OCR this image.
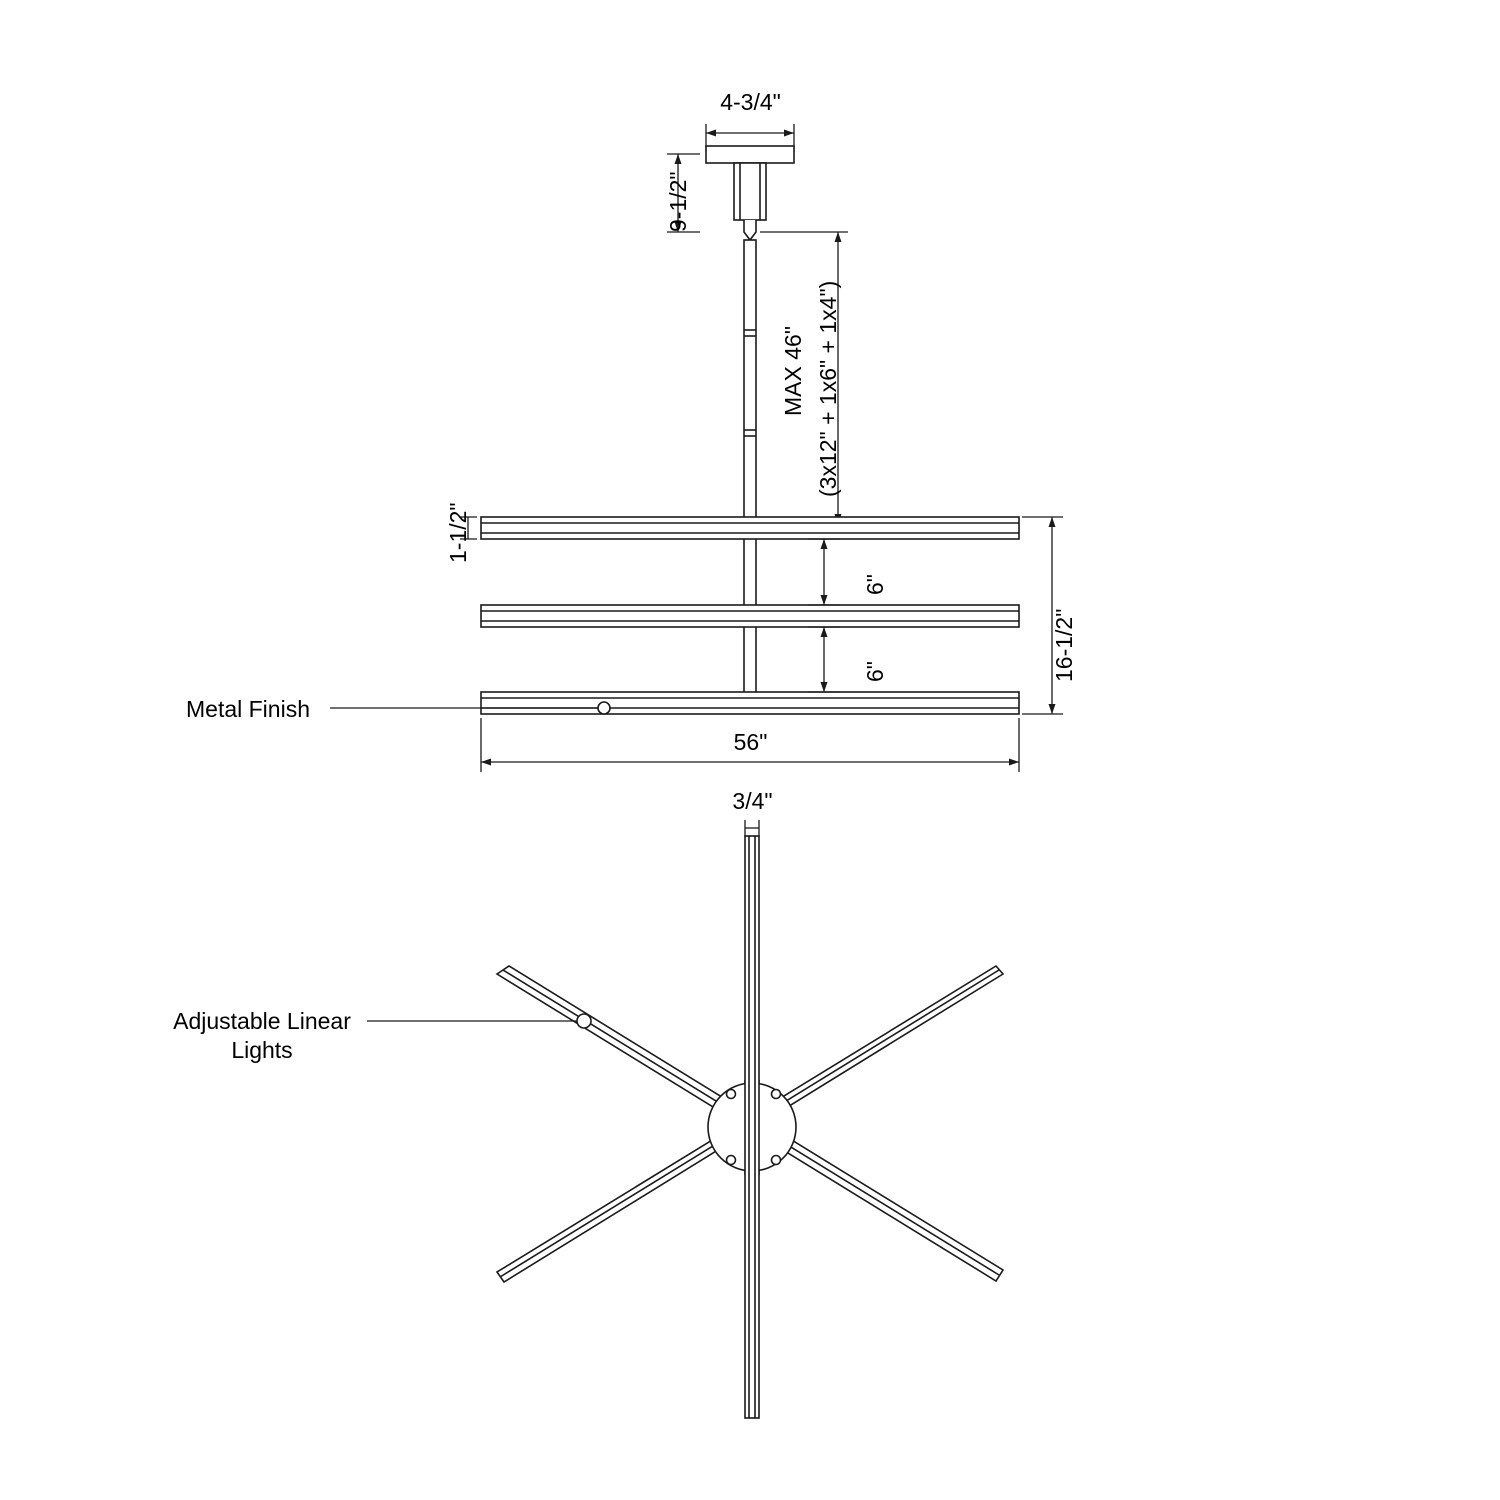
4-3/4"
9-1/2"
MAX 46" (3x12" + 1x6" + 1x4")
1-1/2"
6"
6"	16-1/2"
56"
Metal Finish
3/4"
Adjustable Linear
Lights
